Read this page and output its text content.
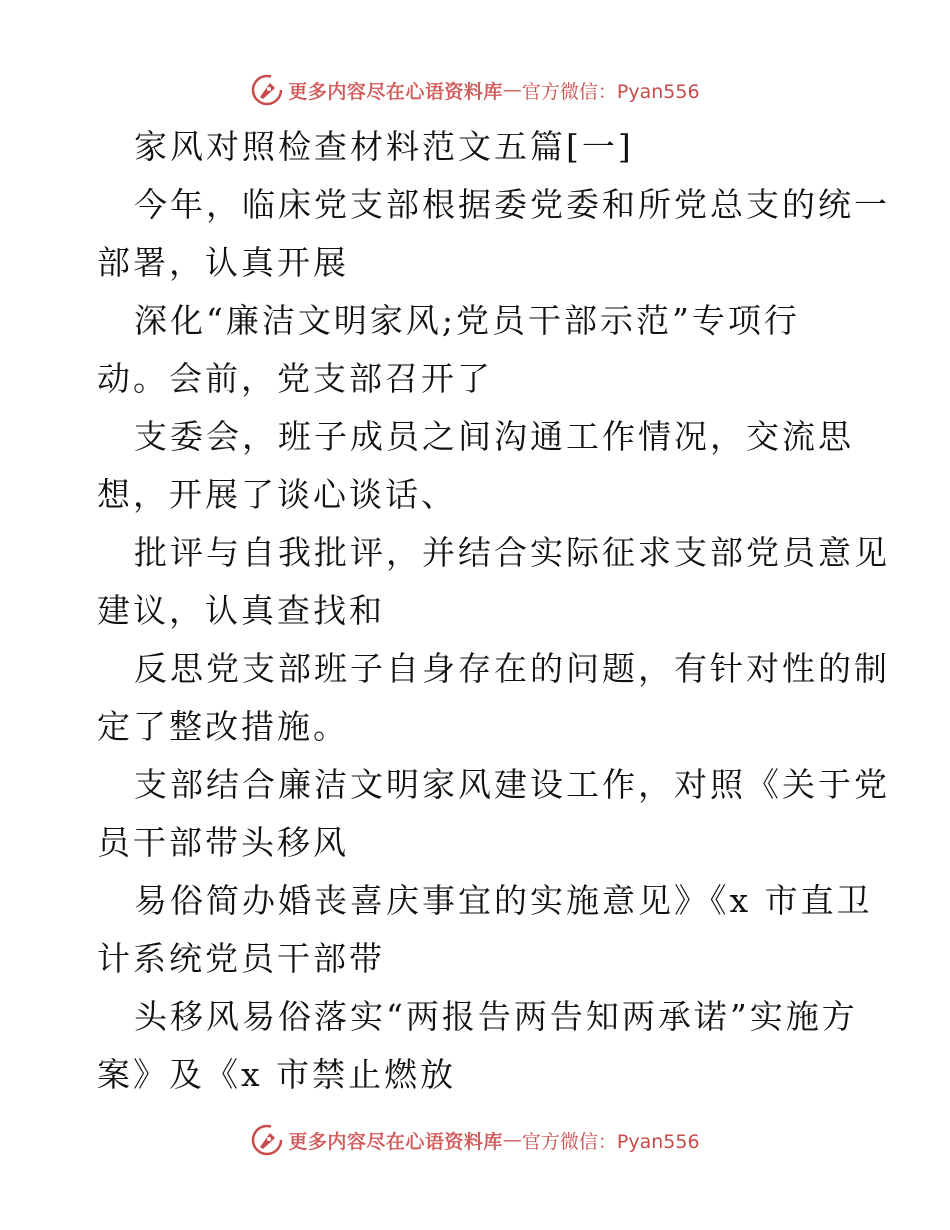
更多内容尽在心语资料库 — 官方微信：Pyan556
家风对照检查材料范文五篇[一]
今年，临床党支部根据委党委和所党总支的统一
部署，认真开展
深化“廉洁文明家风;党员干部示范”专项行
动。会前，党支部召开了
支委会，班子成员之间沟通工作情况，交流思
想，开展了谈心谈话、
批评与自我批评，并结合实际征求支部党员意见
建议，认真查找和
反思党支部班子自身存在的问题，有针对性的制
定了整改措施。
支部结合廉洁文明家风建设工作，对照《关于党
员干部带头移风
易俗简办婚丧喜庆事宜的实施意见》《x 市直卫
计系统党员干部带
头移风易俗落实“两报告两告知两承诺”实施方
案》及《x 市禁止燃放
更多内容尽在心语资料库 — 官方微信：Pyan556
